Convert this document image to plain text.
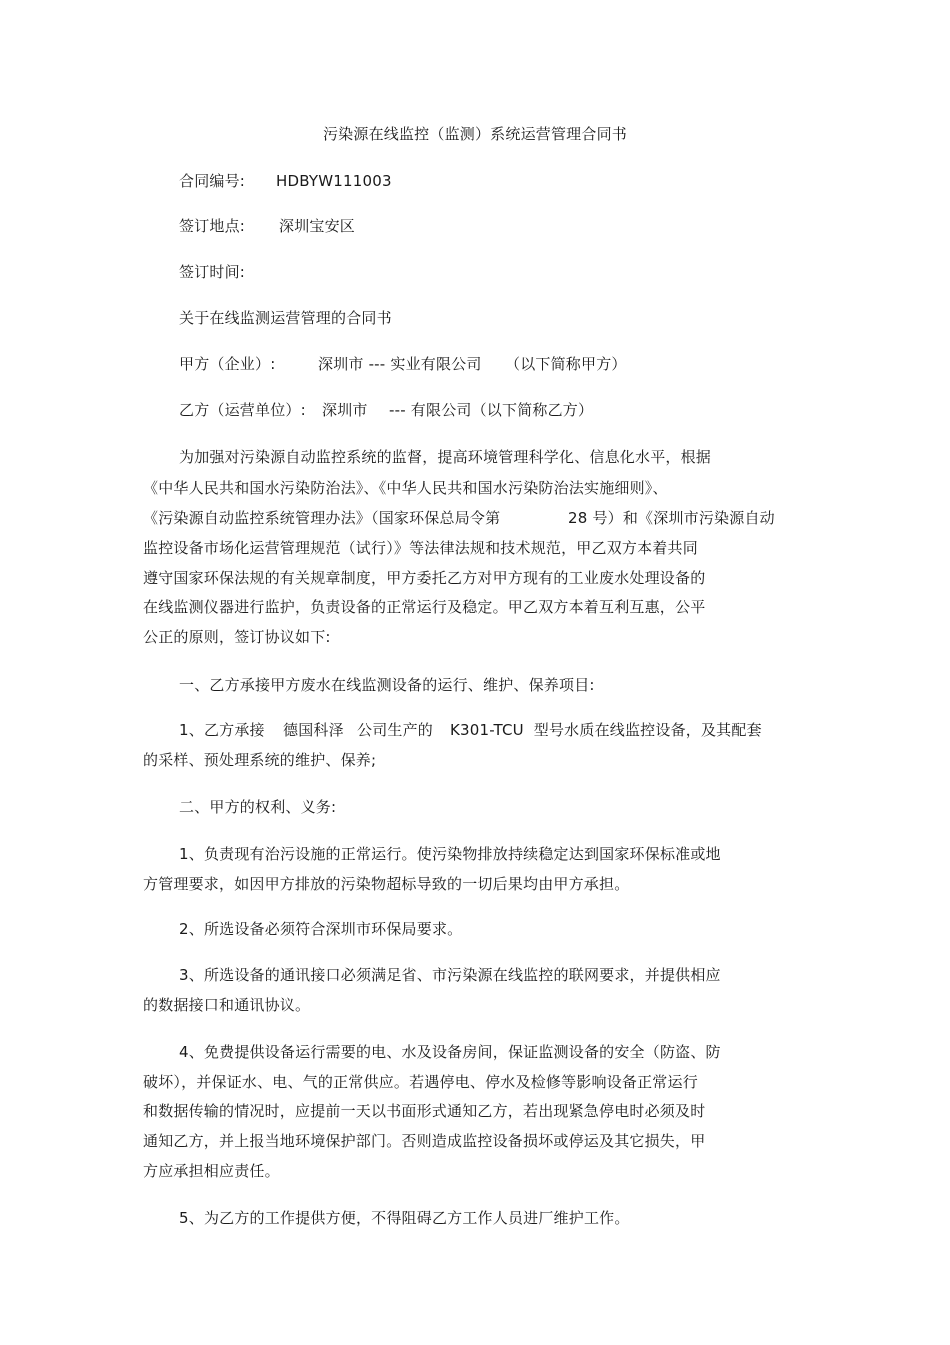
污染源在线监控（监测）系统运营管理合同书
合同编号: HDBYW111003
签订地点: 深圳宝安区
签订时间:
关于在线监测运营管理的合同书
甲方（企业）:	深圳市 --- 实业有限公司 （以下简称甲方）
乙方（运营单位）: 深圳市 --- 有限公司（以下简称乙方）
为加强对污染源自动监控系统的监督，提高环境管理科学化、信息化水平，根据
《中华人民共和国水污染防治法》、《中华人民共和国水污染防治法实施细则》、
《污染源自动监控系统管理办法》（国家环保总局令第	28 号）和《深圳市污染源自动
监控设备市场化运营管理规范（试行）》等法律法规和技术规范，甲乙双方本着共同
遵守国家环保法规的有关规章制度，甲方委托乙方对甲方现有的工业废水处理设备的
在线监测仪器进行监护，负责设备的正常运行及稳定。甲乙双方本着互利互惠，公平
公正的原则，签订协议如下:
一、乙方承接甲方废水在线监测设备的运行、维护、保养项目:
1、乙方承接 德国科泽 公司生产的 K301-TCU  型号水质在线监控设备，及其配套
的采样、预处理系统的维护、保养;
二、甲方的权利、义务:
1、负责现有治污设施的正常运行。使污染物排放持续稳定达到国家环保标准或地
方管理要求，如因甲方排放的污染物超标导致的一切后果均由甲方承担。
2、所选设备必须符合深圳市环保局要求。
3、所选设备的通讯接口必须满足省、市污染源在线监控的联网要求，并提供相应
的数据接口和通讯协议。
4、免费提供设备运行需要的电、水及设备房间，保证监测设备的安全（防盗、防
破坏），并保证水、电、气的正常供应。若遇停电、停水及检修等影响设备正常运行
和数据传输的情况时，应提前一天以书面形式通知乙方，若出现紧急停电时必须及时
通知乙方，并上报当地环境保护部门。否则造成监控设备损坏或停运及其它损失，甲
方应承担相应责任。
5、为乙方的工作提供方便，不得阻碍乙方工作人员进厂维护工作。
